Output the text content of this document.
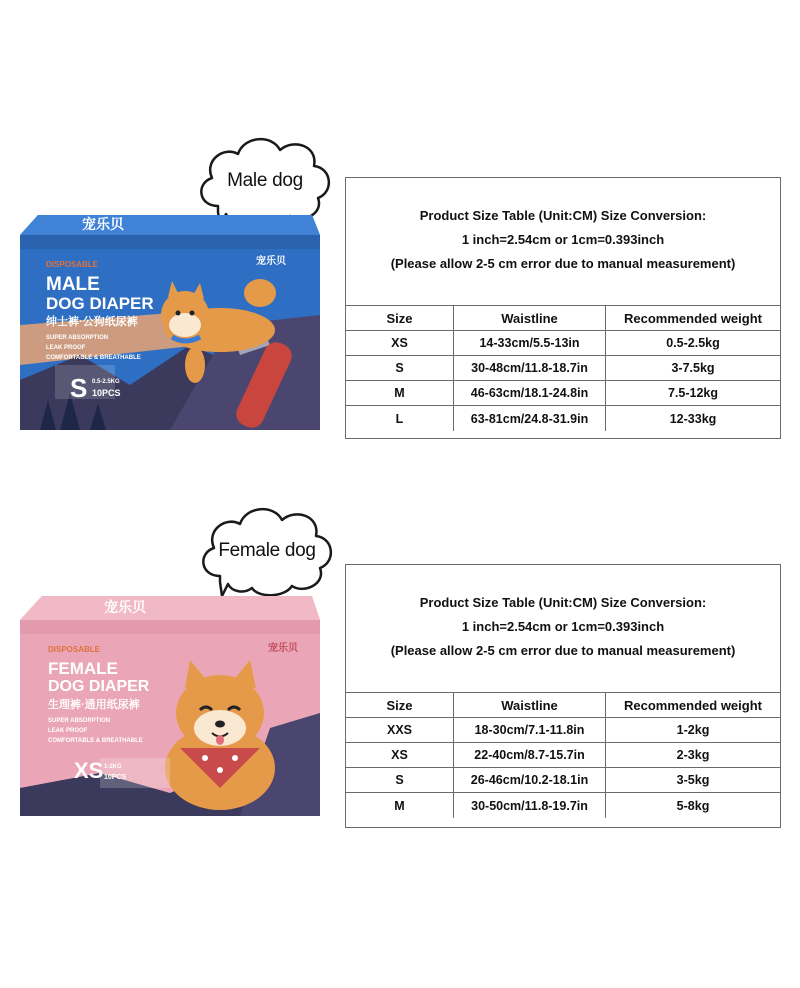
Male dog
宠乐贝
宠乐贝
DISPOSABLE
MALE
DOG DIAPER
绅士裤·公狗纸尿裤
SUPER ABSORPTION
LEAK PROOF
COMFORTABLE & BREATHABLE
S 0.5-2.5KG
10PCS
Product Size Table (Unit:CM) Size Conversion:
1 inch=2.54cm or 1cm=0.393inch
(Please allow 2-5 cm error due to manual measurement)
Size	Waistline	Recommended weight
XS	14-33cm/5.5-13in	0.5-2.5kg
S	30-48cm/11.8-18.7in	3-7.5kg
M	46-63cm/18.1-24.8in	7.5-12kg
L	63-81cm/24.8-31.9in	12-33kg
Female dog
宠乐贝
宠乐贝
DISPOSABLE
FEMALE
DOG DIAPER
生理裤·通用纸尿裤
SUPER ABSORPTION
LEAK PROOF
COMFORTABLE & BREATHABLE
XS 1-2KG
10PCS
Product Size Table (Unit:CM) Size Conversion:
1 inch=2.54cm or 1cm=0.393inch
(Please allow 2-5 cm error due to manual measurement)
Size	Waistline	Recommended weight
XXS	18-30cm/7.1-11.8in	1-2kg
XS	22-40cm/8.7-15.7in	2-3kg
S	26-46cm/10.2-18.1in	3-5kg
M	30-50cm/11.8-19.7in	5-8kg
